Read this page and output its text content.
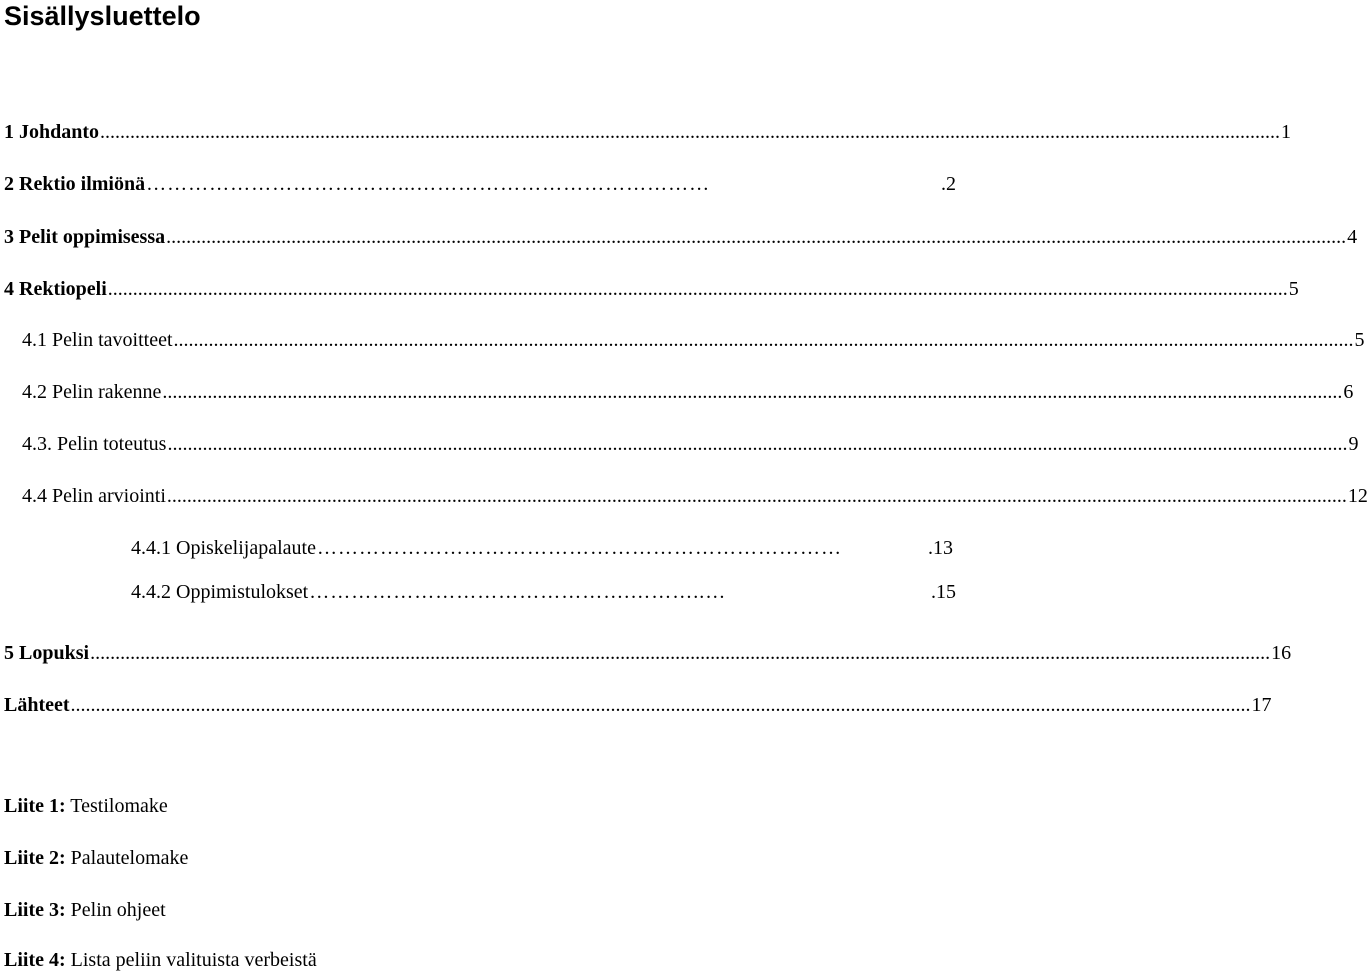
Sisällysluettelo
1 Johdanto ............................................................................................................................................................................................................................................ 1
2 Rektio ilmiönä ………………………………...……………………………………	.2
3 Pelit oppimisessa ............................................................................................................................................................................................................................................ 4
4 Rektiopeli ............................................................................................................................................................................................................................................ 5
4.1 Pelin tavoitteet ............................................................................................................................................................................................................................................ 5
4.2 Pelin rakenne ............................................................................................................................................................................................................................................ 6
4.3. Pelin toteutus ............................................................................................................................................................................................................................................ 9
4.4 Pelin arviointi ............................................................................................................................................................................................................................................ 12
4.4.1 Opiskelijapalaute …………………………………………………………………	.13
4.4.2 Oppimistulokset ……………………………………….………..…	.15
5 Lopuksi ............................................................................................................................................................................................................................................ 16
Lähteet ............................................................................................................................................................................................................................................ 17
Liite 1: Testilomake
Liite 2: Palautelomake
Liite 3: Pelin ohjeet
Liite 4: Lista peliin valituista verbeistä
